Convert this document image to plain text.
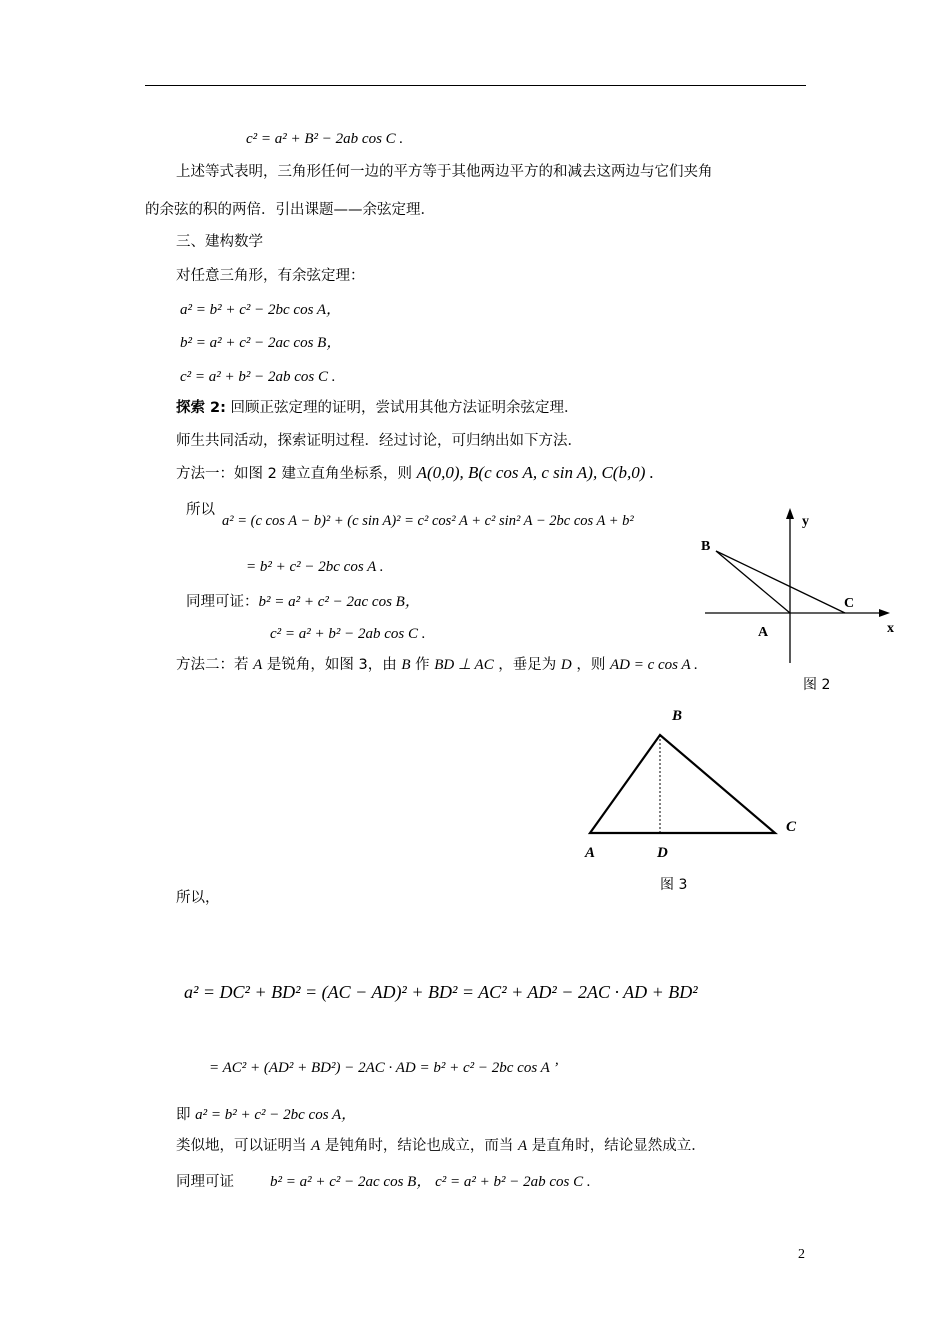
c² = a² + B² − 2ab cos C .
上述等式表明，三角形任何一边的平方等于其他两边平方的和减去这两边与它们夹角
的余弦的积的两倍．引出课题——余弦定理．
三、建构数学
对任意三角形，有余弦定理：
a² = b² + c² − 2bc cos A，
b² = a² + c² − 2ac cos B，
c² = a² + b² − 2ab cos C .
探索 2: 回顾正弦定理的证明，尝试用其他方法证明余弦定理．
师生共同活动，探索证明过程．经过讨论，可归纳出如下方法．
方法一：如图 2 建立直角坐标系，则 A(0,0), B(c cos A, c sin A), C(b,0) .
所以
a² = (c cos A − b)² + (c sin A)² = c² cos² A + c² sin² A − 2bc cos A + b²
= b² + c² − 2bc cos A .
同理可证：b² = a² + c² − 2ac cos B，
c² = a² + b² − 2ab cos C .
方法二：若 A 是锐角，如图 3，由 B 作 BD ⊥ AC ，垂足为 D ，则 AD = c cos A .
y
x
B
C
A
图 2
B
A	D
C
图 3
所以，
a² = DC² + BD² = (AC − AD)² + BD² = AC² + AD² − 2AC · AD + BD²
= AC² + (AD² + BD²) − 2AC · AD = b² + c² − 2bc cos A ’
即 a² = b² + c² − 2bc cos A，
类似地，可以证明当 A 是钝角时，结论也成立，而当 A 是直角时，结论显然成立．
同理可证 b² = a² + c² − 2ac cos B， c² = a² + b² − 2ab cos C .
2
